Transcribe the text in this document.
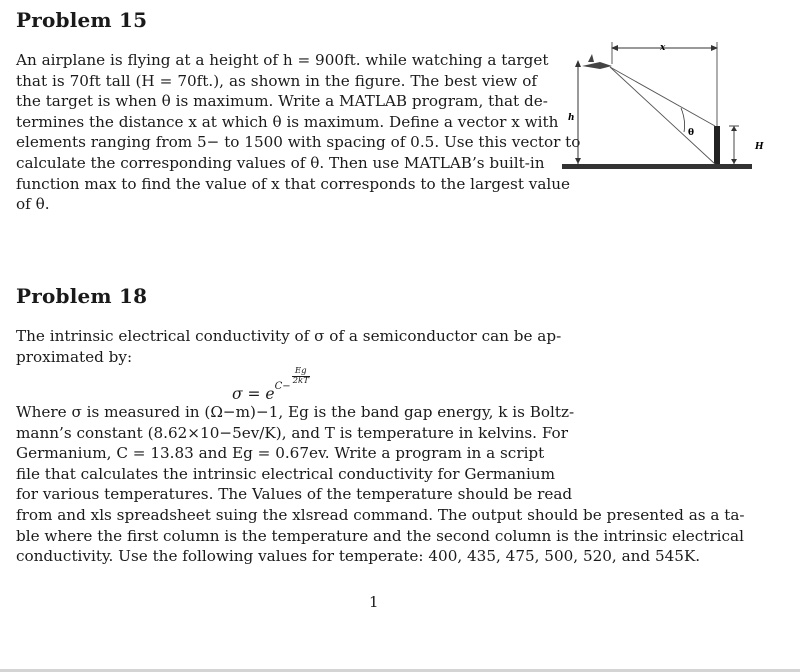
Problem 15
An airplane is flying at a height of h = 900ft. while watching a target
that is 70ft tall (H = 70ft.), as shown in the figure. The best view of
the target is when θ is maximum. Write a MATLAB program, that de-
termines the distance x at which θ is maximum. Define a vector x with
elements ranging from 5− to 1500 with spacing of 0.5. Use this vector to
calculate the corresponding values of θ. Then use MATLAB’s built-in
function max to find the value of x that corresponds to the largest value
of θ.
x
h
θ
H
Problem 18
The intrinsic electrical conductivity of σ of a semiconductor can be ap-
proximated by:
$\sigma = e^{C- \frac{Eg}{2kT}}$
Where σ is measured in (Ω−m)−1, Eg is the band gap energy, k is Boltz-
mann’s constant (8.62×10−5ev/K), and T is temperature in kelvins. For
Germanium, C = 13.83 and Eg = 0.67ev. Write a program in a script
file that calculates the intrinsic electrical conductivity for Germanium
for various temperatures. The Values of the temperature should be read
from and xls spreadsheet suing the xlsread command. The output should be presented as a ta-
ble where the first column is the temperature and the second column is the intrinsic electrical
conductivity. Use the following values for temperate: 400, 435, 475, 500, 520, and 545K.
1
